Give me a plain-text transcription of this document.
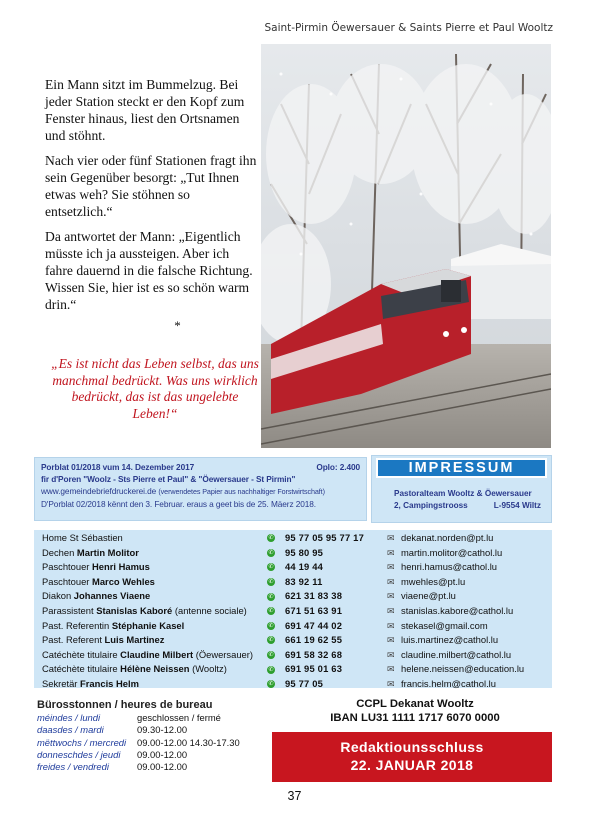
Saint-Pirmin Öewersauer & Saints Pierre et Paul Wooltz

Ein Mann sitzt im Bummelzug. Bei jeder Station steckt er den Kopf zum Fenster hinaus, liest den Ortsnamen und stöhnt.

Nach vier oder fünf Stationen fragt ihn sein Gegenüber besorgt: „Tut Ihnen etwas weh? Sie stöhnen so entsetzlich.“

Da antwortet der Mann: „Eigentlich müsste ich ja aussteigen. Aber ich fahre dauernd in die falsche Richtung. Wissen Sie, hier ist es so schön warm drin.“

*
„Es ist nicht das Leben selbst, das uns manchmal bedrückt. Was uns wirklich bedrückt, das ist das ungelebte Leben!“
Porblat 01/2018 vum 14. Dezember 2017	Oplo: 2.400
fir d'Poren "Woolz - Sts Pierre et Paul" & "Öewersauer - St Pirmin"
www.gemeindebriefdruckerei.de (verwendetes Papier aus nachhaltiger Forstwirtschaft)
D'Porblat 02/2018 kënnt den 3. Februar. eraus a geet bis de 25. Mäerz 2018.
IMPRESSUM
Pastoralteam Wooltz & Öewersauer
2, Campingstrooss	L-9554 Wiltz
Home St Sébastien	✆	95 77 05 95 77 17	✉ dekanat.norden@pt.lu
Dechen Martin Molitor	✆	95 80 95	✉ martin.molitor@cathol.lu
Paschtouer Henri Hamus	✆	44 19 44	✉ henri.hamus@cathol.lu
Paschtouer Marco Wehles	✆	83 92 11	✉ mwehles@pt.lu
Diakon Johannes Viaene	✆	621 31 83 38	✉ viaene@pt.lu
Parassistent Stanislas Kaboré (antenne sociale)	✆	671 51 63 91	✉ stanislas.kabore@cathol.lu
Past. Referentin Stéphanie Kasel	✆	691 47 44 02	✉ stekasel@gmail.com
Past. Referent Luis Martinez	✆	661 19 62 55	✉ luis.martinez@cathol.lu
Catéchète titulaire Claudine Milbert (Öewersauer)	✆	691 58 32 68	✉ claudine.milbert@cathol.lu
Catéchète titulaire Hélène Neissen (Wooltz)	✆	691 95 01 63	✉ helene.neissen@education.lu
Sekretär Francis Helm	✆	95 77 05	✉ francis.helm@cathol.lu
Bürosstonnen / heures de bureau
méindes / lundi	geschlossen / fermé
daasdes / mardi	09.30-12.00
mëttwochs / mercredi	09.00-12.00 14.30-17.30
donneschdes / jeudi	09.00-12.00
freides / vendredi	09.00-12.00
CCPL Dekanat Wooltz
IBAN LU31 1111 1717 6070 0000
Redaktiounsschluss
22. JANUAR 2018
37
